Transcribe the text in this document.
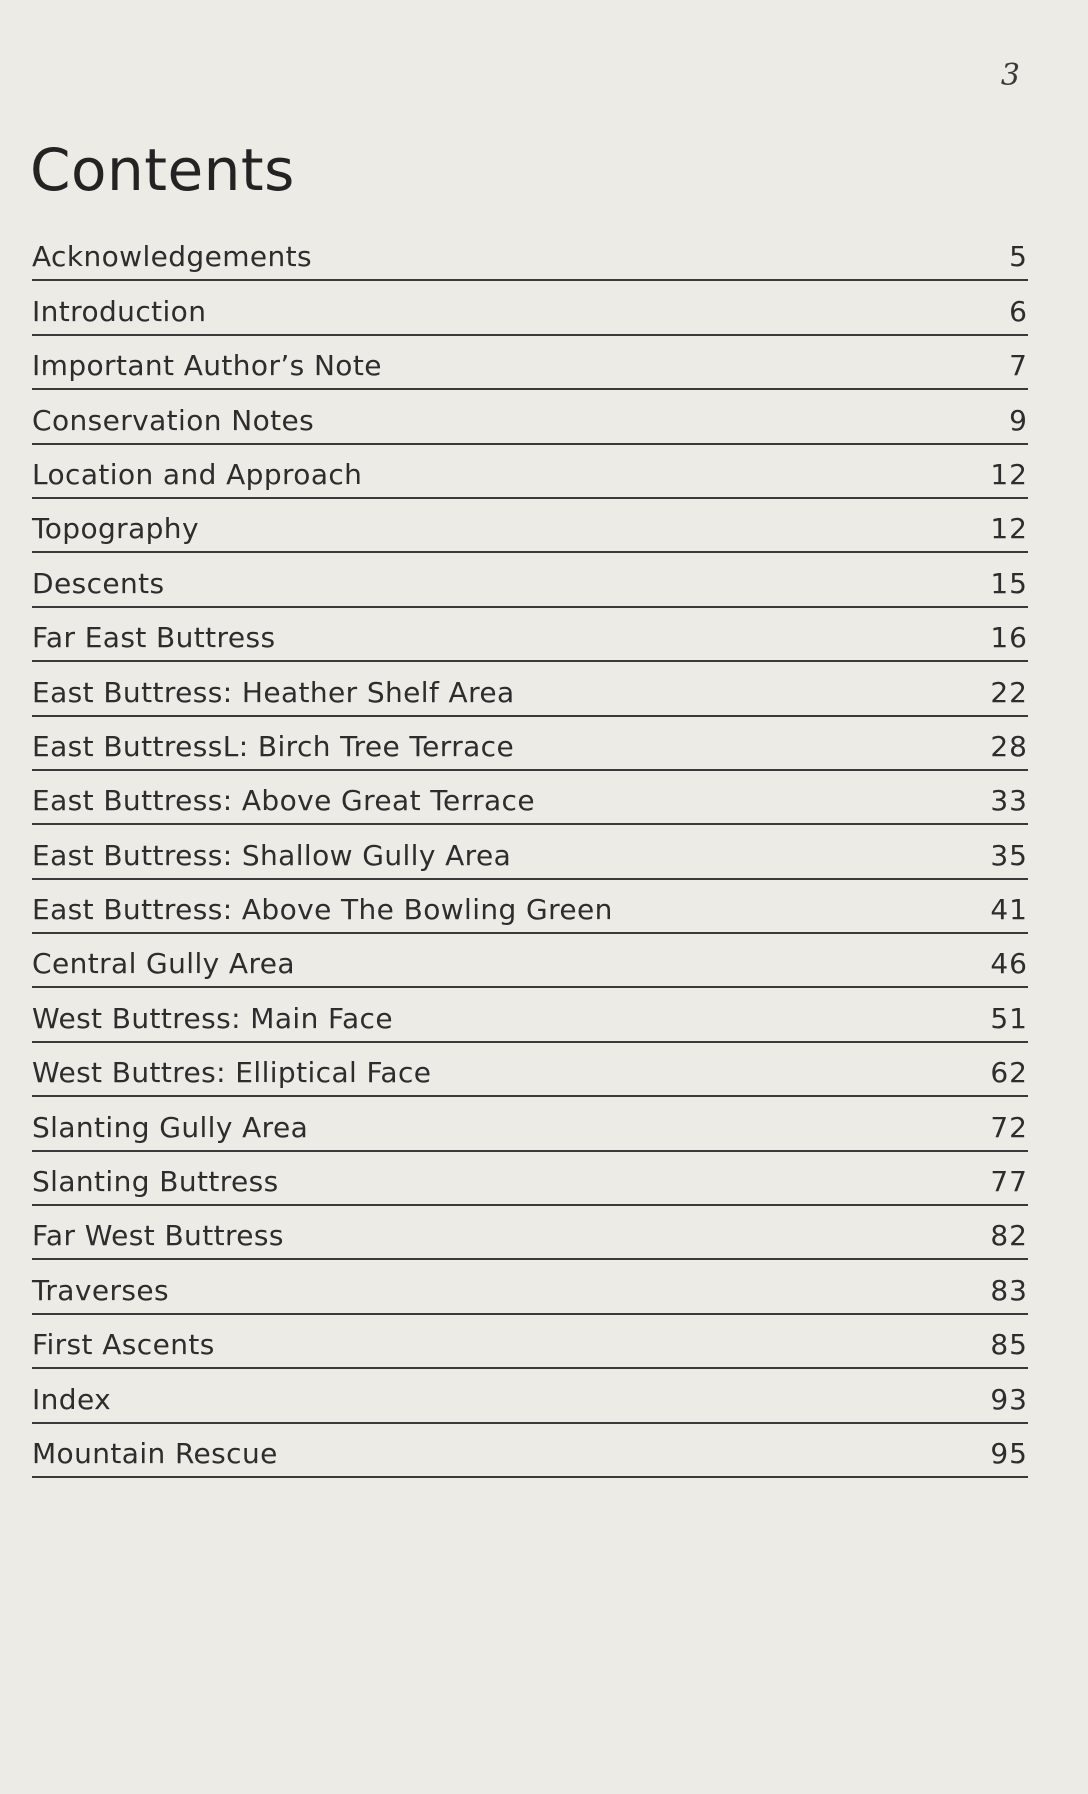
3
Contents
Acknowledgements	5
Introduction	6
Important Author’s Note	7
Conservation Notes	9
Location and Approach	12
Topography	12
Descents	15
Far East Buttress	16
East Buttress: Heather Shelf Area	22
East ButtressL: Birch Tree Terrace	28
East Buttress: Above Great Terrace	33
East Buttress: Shallow Gully Area	35
East Buttress: Above The Bowling Green	41
Central Gully Area	46
West Buttress: Main Face	51
West Buttres: Elliptical Face	62
Slanting Gully Area	72
Slanting Buttress	77
Far West Buttress	82
Traverses	83
First Ascents	85
Index	93
Mountain Rescue	95
